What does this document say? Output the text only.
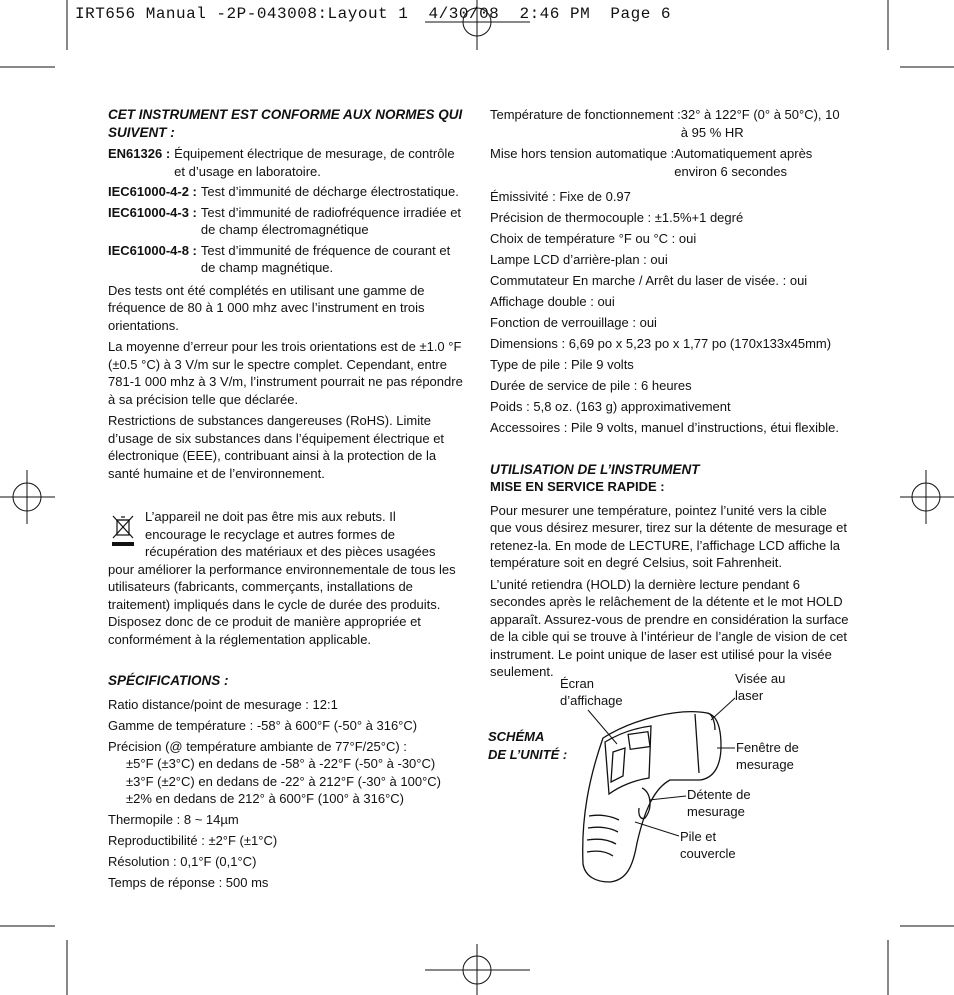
IRT656 Manual -2P-043008:Layout 1  4/30/08  2:46 PM  Page 6
CET INSTRUMENT EST CONFORME AUX NORMES QUI SUIVENT :
EN61326 : Équipement électrique de mesurage, de contrôle et d’usage en laboratoire.
IEC61000-4-2 : Test d’immunité de décharge électrostatique.
IEC61000-4-3 : Test d’immunité de radiofréquence irradiée et de champ électromagnétique
IEC61000-4-8 : Test d’immunité de fréquence de courant et de champ magnétique.

Des tests ont été complétés en utilisant une gamme de fréquence de 80 à 1 000 mhz avec l’instrument en trois orientations.

La moyenne d’erreur pour les trois orientations est de ±1.0 °F (±0.5 °C) à 3 V/m sur le spectre complet. Cependant, entre 781-1 000 mhz à 3 V/m, l’instrument pourrait ne pas répondre à sa précision telle que déclarée.

Restrictions de substances dangereuses (RoHS). Limite d’usage de six substances dans l’équipement électrique et électronique (EEE), contribuant ainsi à la protection de la santé humaine et de l’environnement.

L’appareil ne doit pas être mis aux rebuts. Il
encourage le recyclage et autres formes de
récupération des matériaux et des pièces usagées
pour améliorer la performance environnementale de tous les utilisateurs (fabricants, commerçants, installations de traitement) impliqués dans le cycle de durée des produits. Disposez donc de ce produit de manière appropriée et conformément à la réglementation applicable.
SPÉCIFICATIONS :
Ratio distance/point de mesurage : 12:1
Gamme de température : -58° à 600°F (-50° à 316°C)
Précision (@ température ambiante de 77°F/25°C) :
±5°F (±3°C) en dedans de -58° à -22°F (-50° à -30°C)
±3°F (±2°C) en dedans de -22° à 212°F (-30° à 100°C)
±2% en dedans de 212° à 600°F (100° à 316°C)
Thermopile : 8 ~ 14µm
Reproductibilité : ±2°F (±1°C)
Résolution : 0,1°F (0,1°C)
Temps de réponse : 500 ms
Température de fonctionnement : 32° à 122°F (0° à 50°C), 10 à 95 % HR
Mise hors tension automatique : Automatiquement après environ 6 secondes
Émissivité : Fixe de 0.97
Précision de thermocouple : ±1.5%+1 degré
Choix de température °F ou °C : oui
Lampe LCD d’arrière-plan : oui
Commutateur En marche / Arrêt du laser de visée. : oui
Affichage double : oui
Fonction de verrouillage : oui
Dimensions : 6,69 po x 5,23 po x 1,77 po (170x133x45mm)
Type de pile : Pile 9 volts
Durée de service de pile : 6 heures
Poids : 5,8 oz. (163 g) approximativement
Accessoires : Pile 9 volts, manuel d’instructions, étui flexible.
UTILISATION DE L’INSTRUMENT
MISE EN SERVICE RAPIDE :

Pour mesurer une température, pointez l’unité vers la cible que vous désirez mesurer, tirez sur la détente de mesurage et retenez-la. En mode de LECTURE, l’affichage LCD affiche la température soit en degré Celsius, soit Fahrenheit.

L’unité retiendra (HOLD) la dernière lecture pendant 6 secondes après le relâchement de la détente et le mot HOLD apparaît. Assurez-vous de prendre en considération la surface de la cible qui se trouve à l’intérieur de l’angle de vision de cet instrument. Le point unique de laser est utilisé pour la visée seulement.

SCHÉMA
DE L’UNITÉ :
Écran
d’affichage
Visée au
laser
Fenêtre de
mesurage
Détente de
mesurage
Pile et
couvercle
